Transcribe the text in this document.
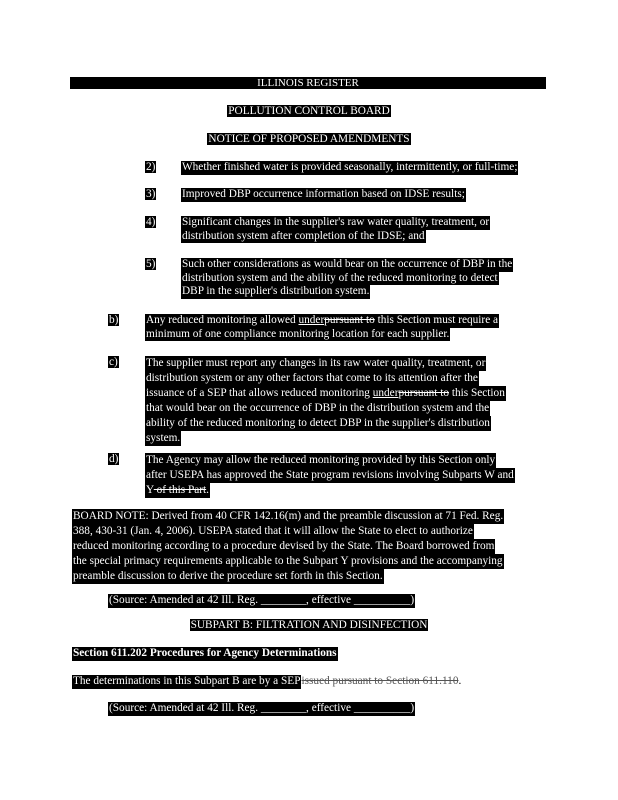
ILLINOIS REGISTER
POLLUTION CONTROL BOARD
NOTICE OF PROPOSED AMENDMENTS
2) Whether finished water is provided seasonally, intermittently, or full-time;
3) Improved DBP occurrence information based on IDSE results;
4) Significant changes in the supplier's raw water quality, treatment, or
distribution system after completion of the IDSE; and
5) Such other considerations as would bear on the occurrence of DBP in the
distribution system and the ability of the reduced monitoring to detect
DBP in the supplier's distribution system.
b) Any reduced monitoring allowed underpursuant to this Section must require a
minimum of one compliance monitoring location for each supplier.
c) The supplier must report any changes in its raw water quality, treatment, or
distribution system or any other factors that come to its attention after the
issuance of a SEP that allows reduced monitoring underpursuant to this Section
that would bear on the occurrence of DBP in the distribution system and the
ability of the reduced monitoring to detect DBP in the supplier's distribution
system.
d) The Agency may allow the reduced monitoring provided by this Section only
after USEPA has approved the State program revisions involving Subparts W and
Y of this Part.
BOARD NOTE: Derived from 40 CFR 142.16(m) and the preamble discussion at 71 Fed. Reg.
388, 430-31 (Jan. 4, 2006). USEPA stated that it will allow the State to elect to authorize
reduced monitoring according to a procedure devised by the State. The Board borrowed from
the special primacy requirements applicable to the Subpart Y provisions and the accompanying
preamble discussion to derive the procedure set forth in this Section.
(Source: Amended at 42 Ill. Reg. ________, effective __________)
SUBPART B: FILTRATION AND DISINFECTION
Section 611.202 Procedures for Agency Determinations
The determinations in this Subpart B are by a SEPissued pursuant to Section 611.110.
(Source: Amended at 42 Ill. Reg. ________, effective __________)
